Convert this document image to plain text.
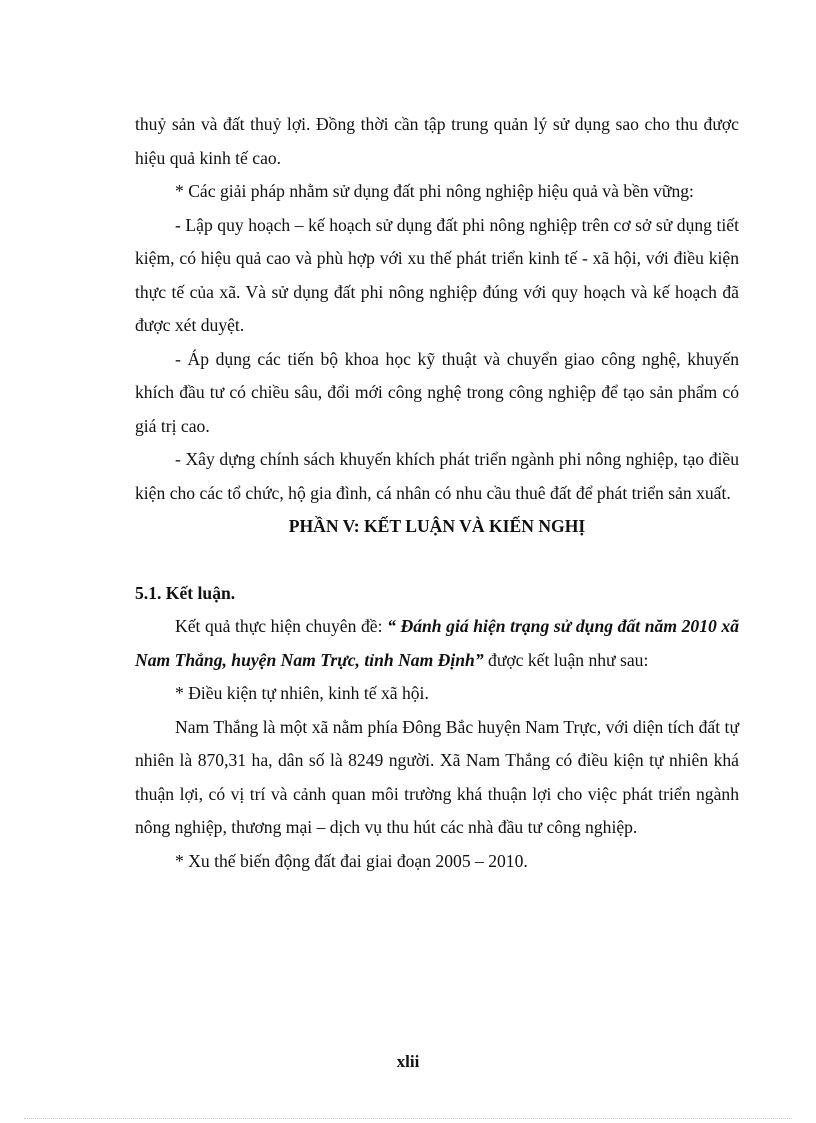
thuỷ sản và đất thuỷ lợi. Đồng thời cần tập trung quản lý sử dụng sao cho thu được hiệu quả kinh tế cao.

* Các giải pháp nhằm sử dụng đất phi nông nghiệp hiệu quả và bền vững:

- Lập quy hoạch – kế hoạch sử dụng đất phi nông nghiệp trên cơ sở sử dụng tiết kiệm, có hiệu quả cao và phù hợp với xu thế phát triển kinh tế - xã hội, với điều kiện thực tế của xã. Và sử dụng đất phi nông nghiệp đúng với quy hoạch và kế hoạch đã được xét duyệt.

- Áp dụng các tiến bộ khoa học kỹ thuật và chuyển giao công nghệ, khuyến khích đầu tư có chiều sâu, đổi mới công nghệ trong công nghiệp để tạo sản phẩm có giá trị cao.

- Xây dựng chính sách khuyến khích phát triển ngành phi nông nghiệp, tạo điều kiện cho các tổ chức, hộ gia đình, cá nhân có nhu cầu thuê đất để phát triển sản xuất.

PHẦN V: KẾT LUẬN VÀ KIẾN NGHỊ

5.1. Kết luận.

Kết quả thực hiện chuyên đề: “ Đánh giá hiện trạng sử dụng đất năm 2010 xã Nam Thắng, huyện Nam Trực, tỉnh Nam Định” được kết luận như sau:

* Điều kiện tự nhiên, kinh tế xã hội.

Nam Thắng là một xã nằm phía Đông Bắc huyện Nam Trực, với diện tích đất tự nhiên là 870,31 ha, dân số là 8249 người. Xã Nam Thắng có điều kiện tự nhiên khá thuận lợi, có vị trí và cảnh quan môi trường khá thuận lợi cho việc phát triển ngành nông nghiệp, thương mại – dịch vụ thu hút các nhà đầu tư công nghiệp.

* Xu thế biến động đất đai giai đoạn 2005 – 2010.

xlii
